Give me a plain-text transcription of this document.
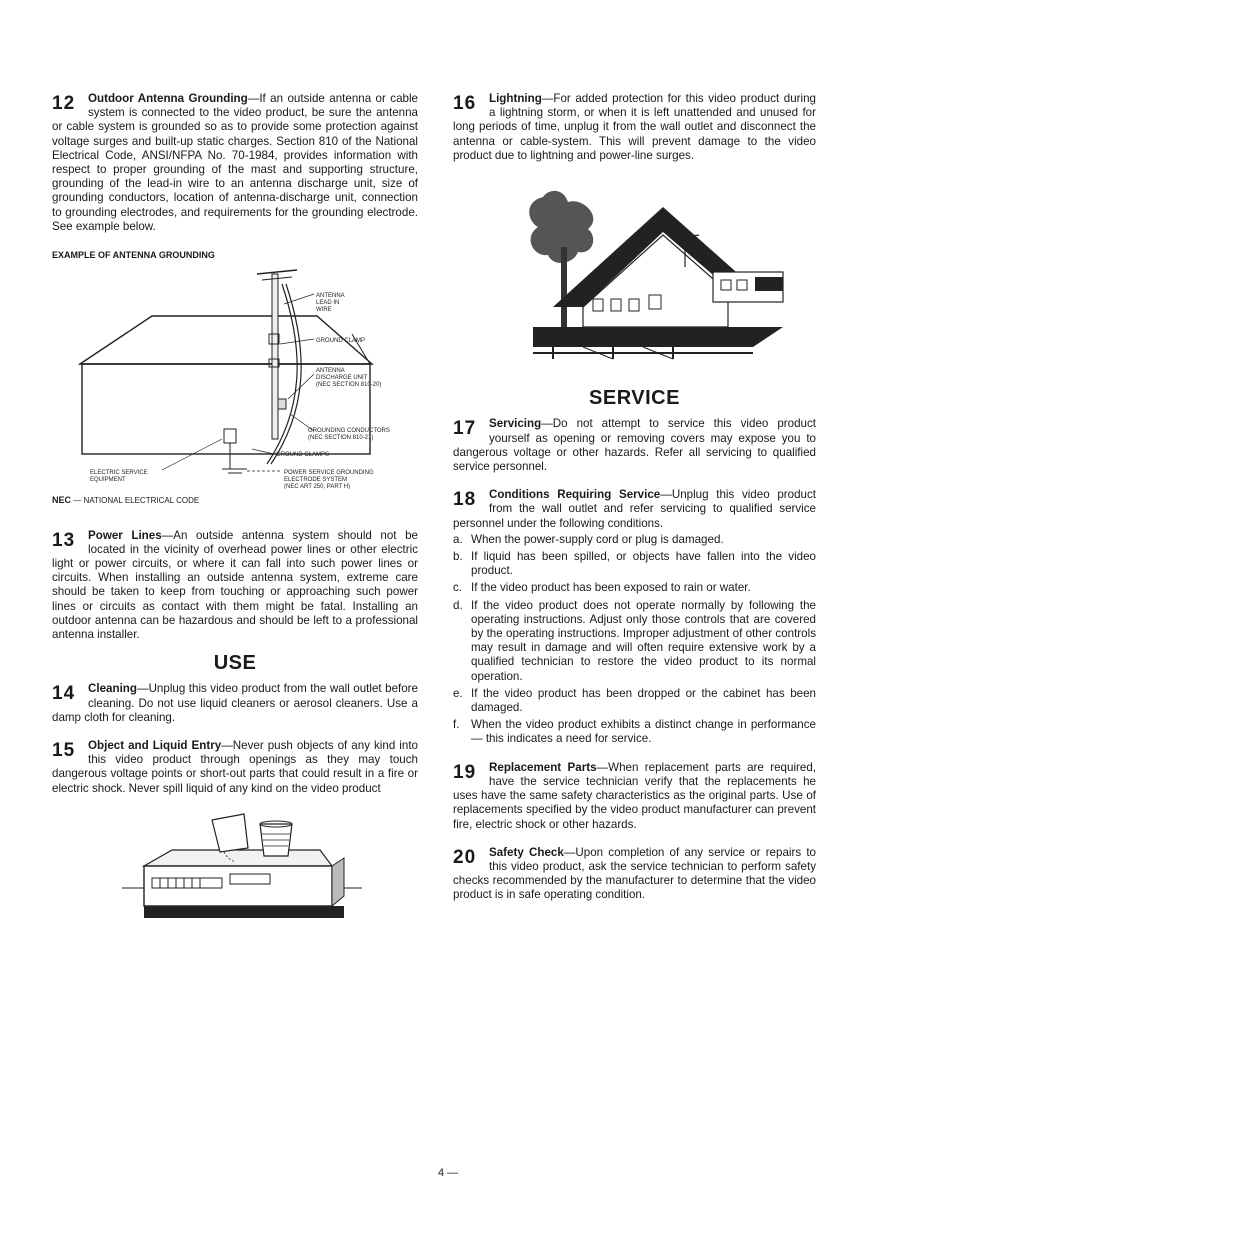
12	Outdoor Antenna Grounding—If an outside antenna or cable system is connected to the video product, be sure the antenna or cable system is grounded so as to provide some protection against voltage surges and built-up static charges. Section 810 of the National Electrical Code, ANSI/NFPA No. 70-1984, provides information with respect to proper grounding of the mast and supporting structure, grounding of the lead-in wire to an antenna discharge unit, size of grounding conductors, location of antenna-discharge unit, connection to grounding electrodes, and requirements for the grounding electrode. See example below.

EXAMPLE OF ANTENNA GROUNDING
ANTENNA
LEAD IN
WIRE
GROUND CLAMP
ANTENNA
DISCHARGE UNIT
(NEC SECTION 810-20)
GROUNDING CONDUCTORS
(NEC SECTION 810-21)
GROUND CLAMPS
ELECTRIC SERVICE
EQUIPMENT
POWER SERVICE GROUNDING
ELECTRODE SYSTEM
(NEC ART 250, PART H)
NEC — NATIONAL ELECTRICAL CODE
13	Power Lines—An outside antenna system should not be located in the vicinity of overhead power lines or other electric light or power circuits, or where it can fall into such power lines or circuits. When installing an outside antenna system, extreme care should be taken to keep from touching or approaching such power lines or circuits as contact with them might be fatal. Installing an outdoor antenna can be hazardous and should be left to a professional antenna installer.

USE
14	Cleaning—Unplug this video product from the wall outlet before cleaning. Do not use liquid cleaners or aerosol cleaners. Use a damp cloth for cleaning.

15	Object and Liquid Entry—Never push objects of any kind into this video product through openings as they may touch dangerous voltage points or short-out parts that could result in a fire or electric shock. Never spill liquid of any kind on the video product

16	Lightning—For added protection for this video product during a lightning storm, or when it is left unattended and unused for long periods of time, unplug it from the wall outlet and disconnect the antenna or cable-system. This will prevent damage to the video product due to lightning and power-line surges.

SERVICE
17	Servicing—Do not attempt to service this video product yourself as opening or removing covers may expose you to dangerous voltage or other hazards. Refer all servicing to qualified service personnel.

18	Conditions Requiring Service—Unplug this video product from the wall outlet and refer servicing to qualified service personnel under the following conditions.

a. When the power-supply cord or plug is damaged.
b. If liquid has been spilled, or objects have fallen into the video product.
c. If the video product has been exposed to rain or water.
d. If the video product does not operate normally by following the operating instructions. Adjust only those controls that are covered by the operating instructions. Improper adjustment of other controls may result in damage and will often require extensive work by a qualified technician to restore the video product to its normal operation.
e. If the video product has been dropped or the cabinet has been damaged.
f. When the video product exhibits a distinct change in performance — this indicates a need for service.
19	Replacement Parts—When replacement parts are required, have the service technician verify that the replacements he uses have the same safety characteristics as the original parts. Use of replacements specified by the video product manufacturer can prevent fire, electric shock or other hazards.

20	Safety Check—Upon completion of any service or repairs to this video product, ask the service technician to perform safety checks recommended by the manufacturer to determine that the video product is in safe operating condition.

4 —
